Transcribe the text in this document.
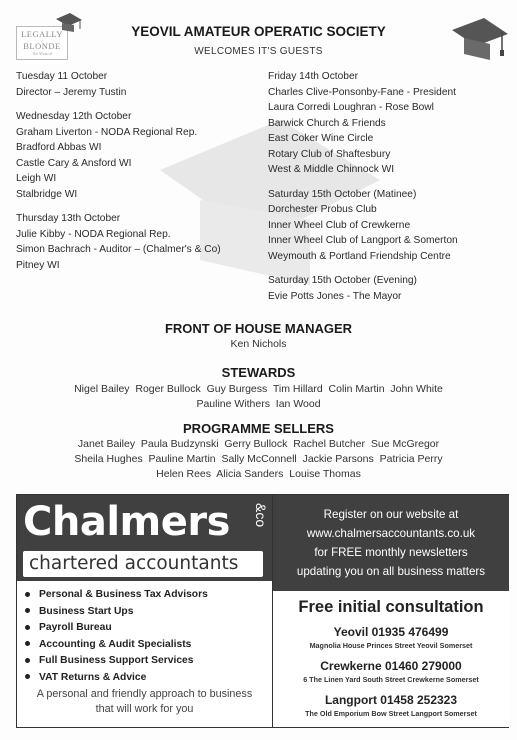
LEGALLY
BLONDE
The Musical
YEOVIL AMATEUR OPERATIC SOCIETY
WELCOMES IT'S GUESTS
Tuesday 11 October
Director – Jeremy Tustin
Wednesday 12th October
Graham Liverton - NODA Regional Rep.
Bradford Abbas WI
Castle Cary & Ansford WI
Leigh WI
Stalbridge WI
Thursday 13th October
Julie Kibby - NODA Regional Rep.
Simon Bachrach - Auditor – (Chalmer's & Co)
Pitney WI
Friday 14th October
Charles Clive-Ponsonby-Fane - President
Laura Corredi Loughran - Rose Bowl
Barwick Church & Friends
East Coker Wine Circle
Rotary Club of Shaftesbury
West & Middle Chinnock WI
Saturday 15th October (Matinee)
Dorchester Probus Club
Inner Wheel Club of Crewkerne
Inner Wheel Club of Langport & Somerton
Weymouth & Portland Friendship Centre
Saturday 15th October (Evening)
Evie Potts Jones - The Mayor
FRONT OF HOUSE MANAGER
Ken Nichols
STEWARDS
Nigel Bailey  Roger Bullock  Guy Burgess  Tim Hillard  Colin Martin  John White
Pauline Withers  Ian Wood
PROGRAMME SELLERS
Janet Bailey  Paula Budzynski  Gerry Bullock  Rachel Butcher  Sue McGregor
Sheila Hughes  Pauline Martin  Sally McConnell  Jackie Parsons  Patricia Perry
Helen Rees  Alicia Sanders  Louise Thomas
Chalmers	&co
chartered accountants
Personal & Business Tax Advisors
Business Start Ups
Payroll Bureau
Accounting & Audit Specialists
Full Business Support Services
VAT Returns & Advice
A personal and friendly approach to business
that will work for you
Register on our website at
www.chalmersaccountants.co.uk
for FREE monthly newsletters
updating you on all business matters
Free initial consultation
Yeovil 01935 476499
Magnolia House Princes Street Yeovil Somerset
Crewkerne 01460 279000
6 The Linen Yard South Street Crewkerne Somerset
Langport 01458 252323
The Old Emporium Bow Street Langport Somerset
